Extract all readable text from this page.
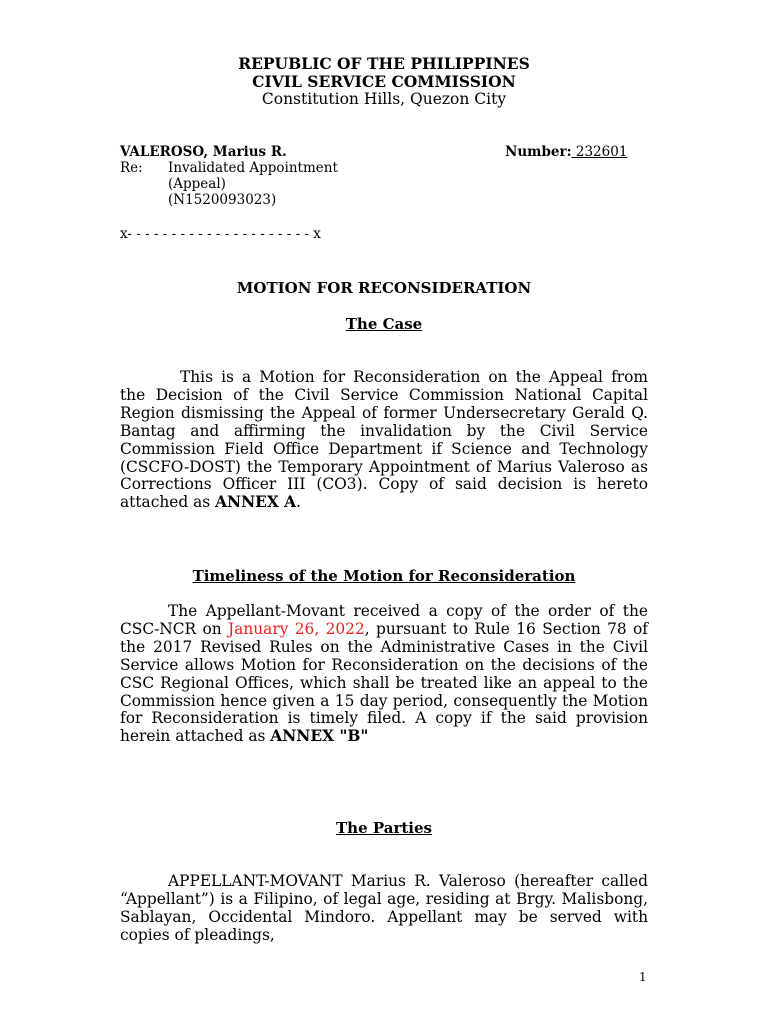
REPUBLIC OF THE PHILIPPINES
CIVIL SERVICE COMMISSION
Constitution Hills, Quezon City
VALEROSO, Marius R.	Number: 232601
Re: Invalidated Appointment
(Appeal)
(N1520093023)
x- - - - - - - - - - - - - - - - - - - - - x
MOTION FOR RECONSIDERATION
The Case

This is a Motion for Reconsideration on the Appeal from the Decision of the Civil Service Commission National Capital Region dismissing the Appeal of former Undersecretary Gerald Q. Bantag and affirming the invalidation by the Civil Service Commission Field Office Department if Science and Technology (CSCFO-DOST) the Temporary Appointment of Marius Valeroso as Corrections Officer III (CO3). Copy of said decision is hereto attached as ANNEX A.

Timeliness of the Motion for Reconsideration

The Appellant-Movant received a copy of the order of the CSC-NCR on January 26, 2022, pursuant to Rule 16 Section 78 of the 2017 Revised Rules on the Administrative Cases in the Civil Service allows Motion for Reconsideration on the decisions of the CSC Regional Offices, which shall be treated like an appeal to the Commission hence given a 15 day period, consequently the Motion for Reconsideration is timely filed. A copy if the said provision herein attached as ANNEX "B"

The Parties

APPELLANT-MOVANT Marius R. Valeroso (hereafter called “Appellant”) is a Filipino, of legal age, residing at Brgy. Malisbong, Sablayan, Occidental Mindoro. Appellant may be served with copies of pleadings,

1
